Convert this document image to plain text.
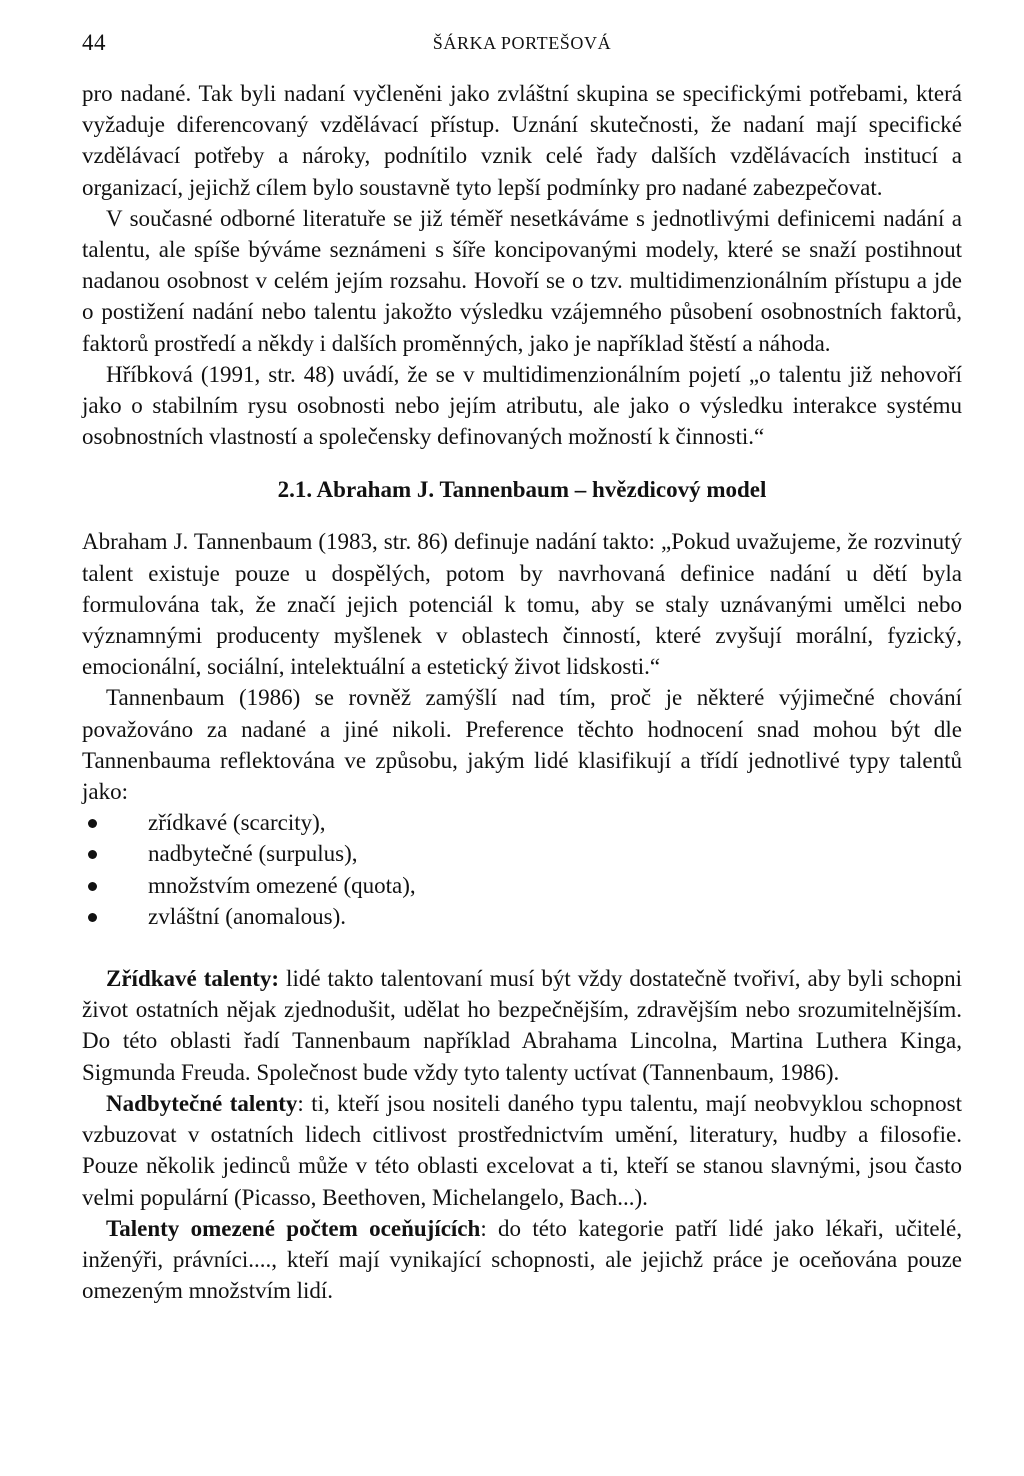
44	ŠÁRKA PORTEŠOVÁ

pro nadané. Tak byli nadaní vyčleněni jako zvláštní skupina se specifickými potřebami, která vyžaduje diferencovaný vzdělávací přístup. Uznání skutečnosti, že nadaní mají specifické vzdělávací potřeby a nároky, podnítilo vznik celé řady dalších vzdělávacích institucí a organizací, jejichž cílem bylo soustavně tyto lepší podmínky pro nadané zabezpečovat.

V současné odborné literatuře se již téměř nesetkáváme s jednotlivými definicemi nadání a talentu, ale spíše býváme seznámeni s šíře koncipovanými modely, které se snaží postihnout nadanou osobnost v celém jejím rozsahu. Hovoří se o tzv. multidimenzionálním přístupu a jde o postižení nadání nebo talentu jakožto výsledku vzájemného působení osobnostních faktorů, faktorů prostředí a někdy i dalších proměnných, jako je například štěstí a náhoda.

Hříbková (1991, str. 48) uvádí, že se v multidimenzionálním pojetí „o talentu již nehovoří jako o stabilním rysu osobnosti nebo jejím atributu, ale jako o výsledku interakce systému osobnostních vlastností a společensky definovaných možností k činnosti.“

2.1. Abraham J. Tannenbaum – hvězdicový model

Abraham J. Tannenbaum (1983, str. 86) definuje nadání takto: „Pokud uvažujeme, že rozvinutý talent existuje pouze u dospělých, potom by navrhovaná definice nadání u dětí byla formulována tak, že značí jejich potenciál k tomu, aby se staly uznávanými umělci nebo významnými producenty myšlenek v oblastech činností, které zvyšují morální, fyzický, emocionální, sociální, intelektuální a estetický život lidskosti.“

Tannenbaum (1986) se rovněž zamýšlí nad tím, proč je některé výjimečné chování považováno za nadané a jiné nikoli. Preference těchto hodnocení snad mohou být dle Tannenbauma reflektována ve způsobu, jakým lidé klasifikují a třídí jednotlivé typy talentů jako:

zřídkavé (scarcity),
nadbytečné (surpulus),
množstvím omezené (quota),
zvláštní (anomalous).

Zřídkavé talenty: lidé takto talentovaní musí být vždy dostatečně tvořiví, aby byli schopni život ostatních nějak zjednodušit, udělat ho bezpečnějším, zdravějším nebo srozumitelnějším. Do této oblasti řadí Tannenbaum například Abrahama Lincolna, Martina Luthera Kinga, Sigmunda Freuda. Společnost bude vždy tyto talenty uctívat (Tannenbaum, 1986).

Nadbytečné talenty: ti, kteří jsou nositeli daného typu talentu, mají neobvyklou schopnost vzbuzovat v ostatních lidech citlivost prostřednictvím umění, literatury, hudby a filosofie. Pouze několik jedinců může v této oblasti excelovat a ti, kteří se stanou slavnými, jsou často velmi populární (Picasso, Beethoven, Michelangelo, Bach...).

Talenty omezené počtem oceňujících: do této kategorie patří lidé jako lékaři, učitelé, inženýři, právníci...., kteří mají vynikající schopnosti, ale jejichž práce je oceňována pouze omezeným množstvím lidí.
